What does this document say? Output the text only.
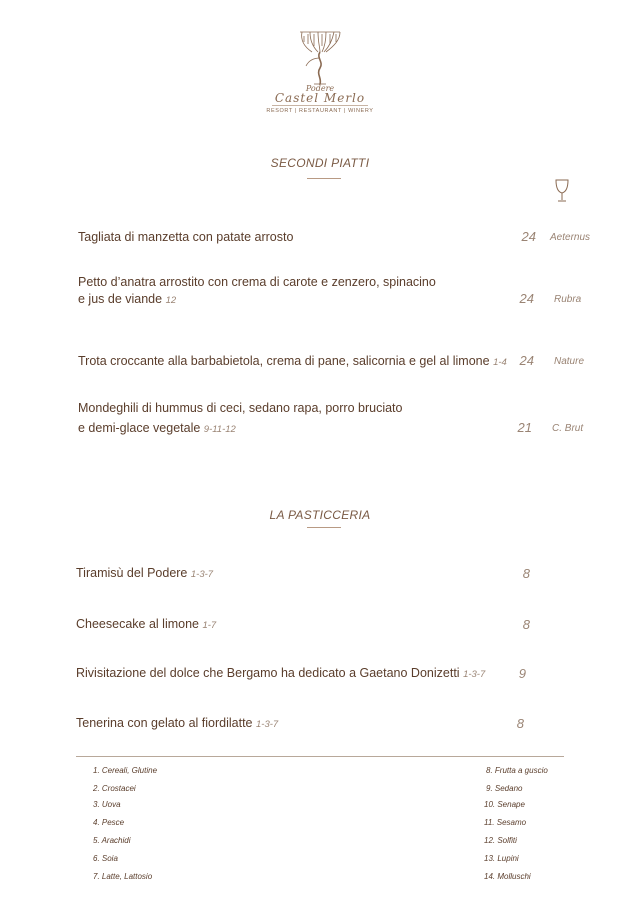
Podere
Castel Merlo
RESORT | RESTAURANT | WINERY
SECONDI PIATTI
Tagliata di manzetta con patate arrosto	24 Aeternus
Petto d’anatra arrostito con crema di carote e zenzero, spinacino
e jus de viande 12	24 Rubra
Trota croccante alla barbabietola, crema di pane, salicornia e gel al limone 1-4 24 Nature
Mondeghili di hummus di ceci, sedano rapa, porro bruciato
e demi-glace vegetale 9-11-12	21 C. Brut
LA PASTICCERIA
Tiramisù del Podere 1-3-7	8
Cheesecake al limone 1-7	8
Rivisitazione del dolce che Bergamo ha dedicato a Gaetano Donizetti 1-3-7	9
Tenerina con gelato al fiordilatte 1-3-7	8
1. Cereali, Glutine
2. Crostacei
3. Uova
4. Pesce
5. Arachidi
6. Soia
7. Latte, Lattosio
8. Frutta a guscio
9. Sedano
10. Senape
11. Sesamo
12. Solfiti
13. Lupini
14. Molluschi
